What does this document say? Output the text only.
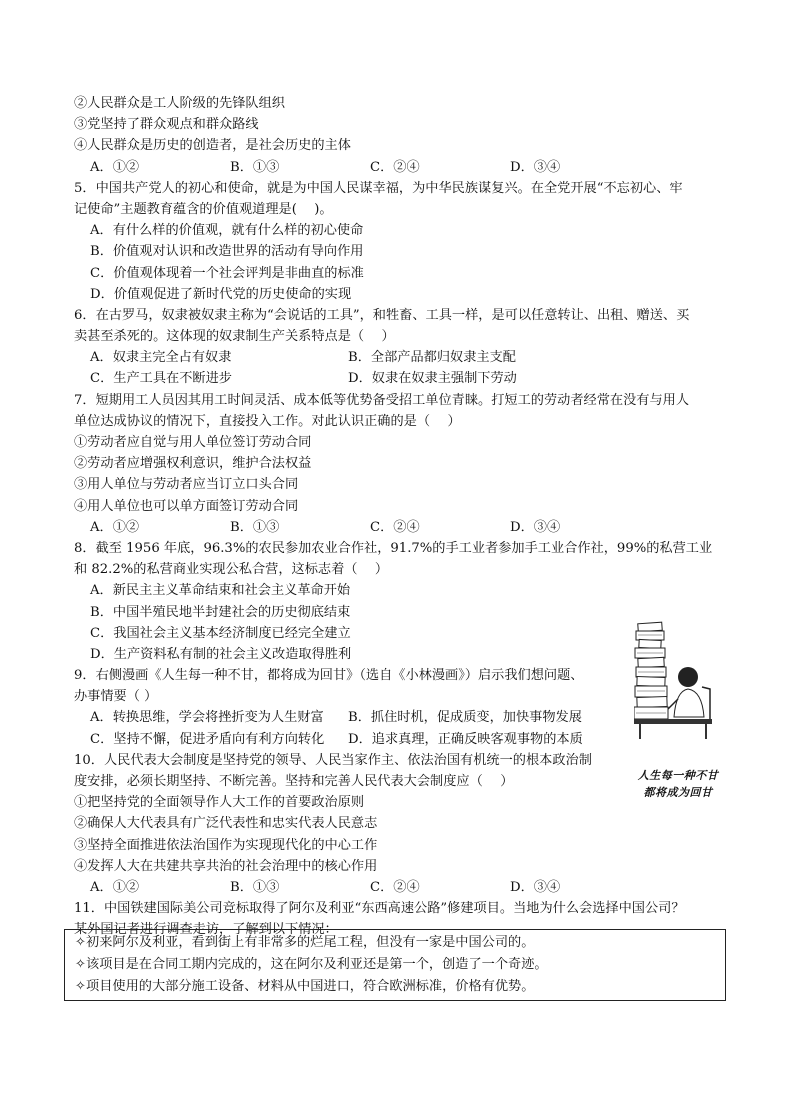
②人民群众是工人阶级的先锋队组织
③党坚持了群众观点和群众路线
④人民群众是历史的创造者，是社会历史的主体
A．①②	B．①③	C．②④	D．③④
5．中国共产党人的初心和使命，就是为中国人民谋幸福，为中华民族谋复兴。在全党开展“不忘初心、牢
记使命”主题教育蕴含的价值观道理是(　 )。
A．有什么样的价值观，就有什么样的初心使命
B．价值观对认识和改造世界的活动有导向作用
C．价值观体现着一个社会评判是非曲直的标准
D．价值观促进了新时代党的历史使命的实现
6．在古罗马，奴隶被奴隶主称为“会说话的工具”，和牲畜、工具一样，是可以任意转让、出租、赠送、买
卖甚至杀死的。这体现的奴隶制生产关系特点是（　 ）
A．奴隶主完全占有奴隶	B．全部产品都归奴隶主支配
C．生产工具在不断进步	D．奴隶在奴隶主强制下劳动
7．短期用工人员因其用工时间灵活、成本低等优势备受招工单位青睐。打短工的劳动者经常在没有与用人
单位达成协议的情况下，直接投入工作。对此认识正确的是（　 ）
①劳动者应自觉与用人单位签订劳动合同
②劳动者应增强权利意识，维护合法权益
③用人单位与劳动者应当订立口头合同
④用人单位也可以单方面签订劳动合同
A．①②	B．①③	C．②④	D．③④
8．截至 1956 年底，96.3%的农民参加农业合作社，91.7%的手工业者参加手工业合作社，99%的私营工业
和 82.2%的私营商业实现公私合营，这标志着（　 ）
A．新民主主义革命结束和社会主义革命开始
B．中国半殖民地半封建社会的历史彻底结束
C．我国社会主义基本经济制度已经完全建立
D．生产资料私有制的社会主义改造取得胜利
9．右侧漫画《人生每一种不甘，都将成为回甘》（选自《小林漫画》）启示我们想问题、
办事情要（ ）
A．转换思维，学会将挫折变为人生财富	B．抓住时机，促成质变，加快事物发展
C．坚持不懈，促进矛盾向有利方向转化	D．追求真理，正确反映客观事物的本质
10．人民代表大会制度是坚持党的领导、人民当家作主、依法治国有机统一的根本政治制
度安排，必须长期坚持、不断完善。坚持和完善人民代表大会制度应（　 ）
①把坚持党的全面领导作人大工作的首要政治原则
②确保人大代表具有广泛代表性和忠实代表人民意志
③坚持全面推进依法治国作为实现现代化的中心工作
④发挥人大在共建共享共治的社会治理中的核心作用
A．①②	B．①③	C．②④	D．③④
11．中国铁建国际美公司竞标取得了阿尔及利亚“东西高速公路”修建项目。当地为什么会选择中国公司？
某外国记者进行调查走访，了解到以下情况：
人生每一种不甘
都将成为回甘
✧初来阿尔及利亚，看到街上有非常多的烂尾工程，但没有一家是中国公司的。
✧该项目是在合同工期内完成的，这在阿尔及利亚还是第一个，创造了一个奇迹。
✧项目使用的大部分施工设备、材料从中国进口，符合欧洲标准，价格有优势。
